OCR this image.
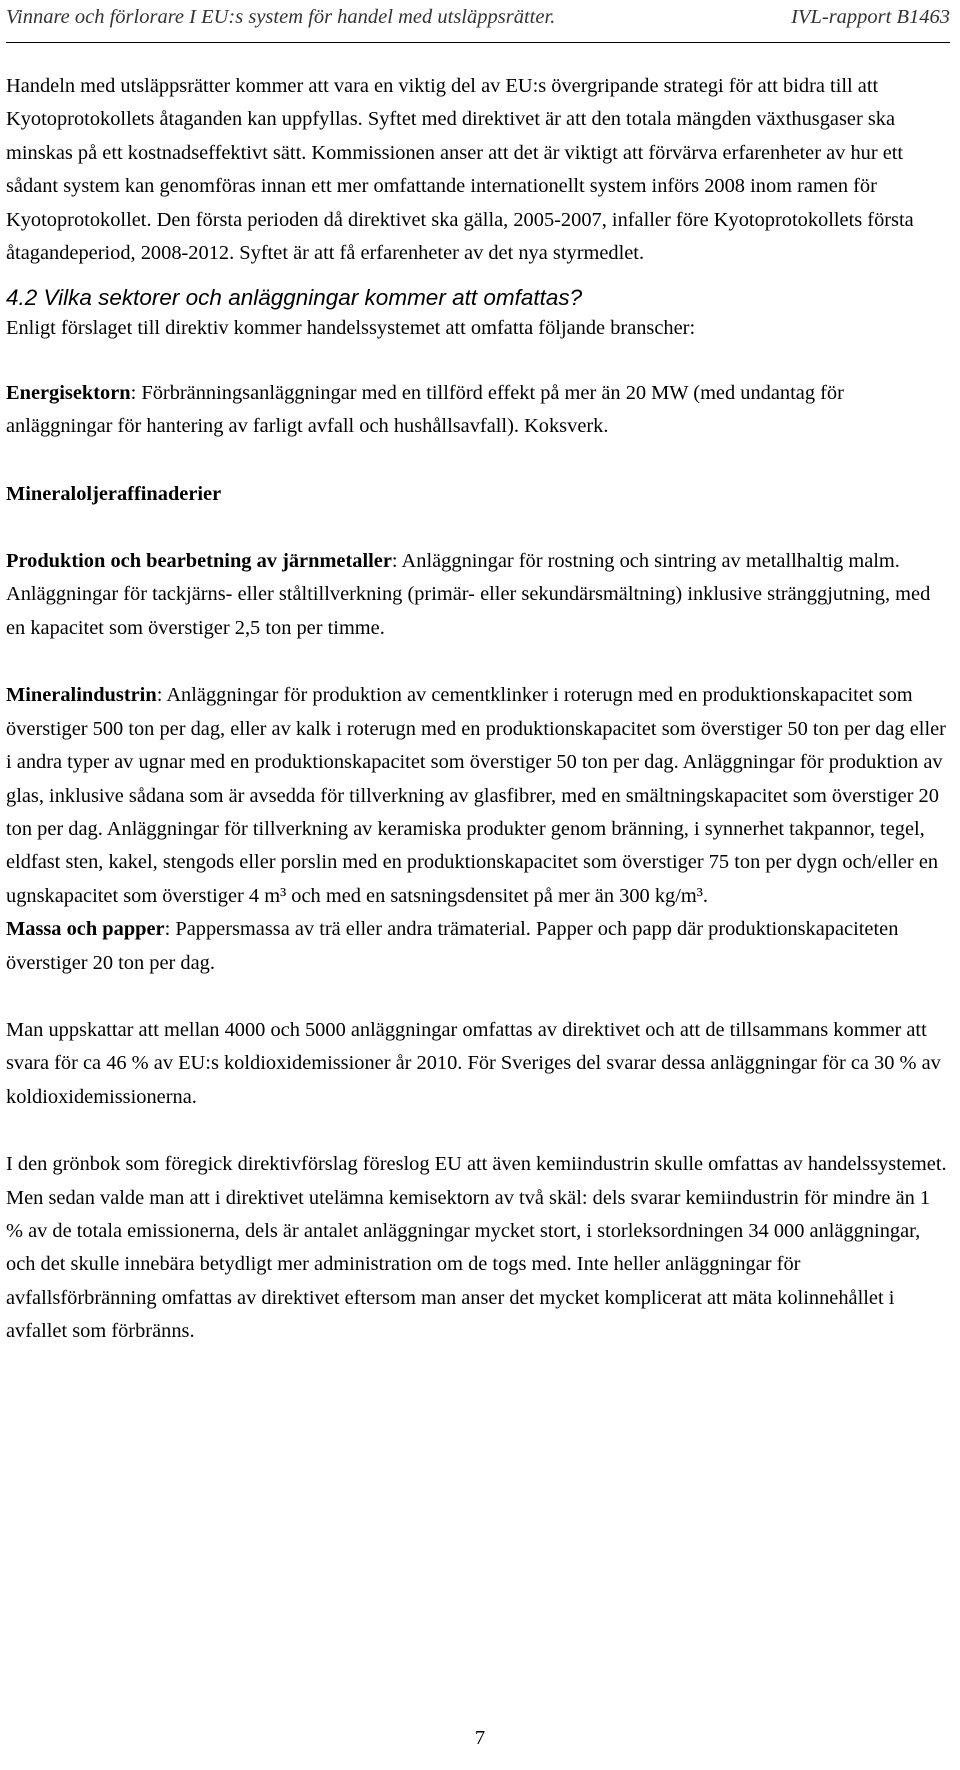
Vinnare och förlorare I EU:s system för handel med utsläppsrätter.	IVL-rapport B1463

Handeln med utsläppsrätter kommer att vara en viktig del av EU:s övergripande strategi för att bidra till att Kyotoprotokollets åtaganden kan uppfyllas. Syftet med direktivet är att den totala mängden växthusgaser ska minskas på ett kostnadseffektivt sätt. Kommissionen anser att det är viktigt att förvärva erfarenheter av hur ett sådant system kan genomföras innan ett mer omfattande internationellt system införs 2008 inom ramen för Kyotoprotokollet. Den första perioden då direktivet ska gälla, 2005-2007, infaller före Kyotoprotokollets första åtagandeperiod, 2008-2012. Syftet är att få erfarenheter av det nya styrmedlet.

4.2 Vilka sektorer och anläggningar kommer att omfattas?

Enligt förslaget till direktiv kommer handelssystemet att omfatta följande branscher:

Energisektorn: Förbränningsanläggningar med en tillförd effekt på mer än 20 MW (med undantag för anläggningar för hantering av farligt avfall och hushållsavfall). Koksverk.

Mineraloljeraffinaderier

Produktion och bearbetning av järnmetaller: Anläggningar för rostning och sintring av metallhaltig malm. Anläggningar för tackjärns- eller ståltillverkning (primär- eller sekundärsmältning) inklusive stränggjutning, med en kapacitet som överstiger 2,5 ton per timme.

Mineralindustrin: Anläggningar för produktion av cementklinker i roterugn med en produktionskapacitet som överstiger 500 ton per dag, eller av kalk i roterugn med en produktionskapacitet som överstiger 50 ton per dag eller i andra typer av ugnar med en produktionskapacitet som överstiger 50 ton per dag. Anläggningar för produktion av glas, inklusive sådana som är avsedda för tillverkning av glasfibrer, med en smältningskapacitet som överstiger 20 ton per dag. Anläggningar för tillverkning av keramiska produkter genom bränning, i synnerhet takpannor, tegel, eldfast sten, kakel, stengods eller porslin med en produktionskapacitet som överstiger 75 ton per dygn och/eller en ugnskapacitet som överstiger 4 m³ och med en satsningsdensitet på mer än 300 kg/m³.

Massa och papper: Pappersmassa av trä eller andra trämaterial. Papper och papp där produktionskapaciteten överstiger 20 ton per dag.

Man uppskattar att mellan 4000 och 5000 anläggningar omfattas av direktivet och att de tillsammans kommer att svara för ca 46 % av EU:s koldioxidemissioner år 2010. För Sveriges del svarar dessa anläggningar för ca 30 % av koldioxidemissionerna.

I den grönbok som föregick direktivförslag föreslog EU att även kemiindustrin skulle omfattas av handelssystemet. Men sedan valde man att i direktivet utelämna kemisektorn av två skäl: dels svarar kemiindustrin för mindre än 1 % av de totala emissionerna, dels är antalet anläggningar mycket stort, i storleksordningen 34 000 anläggningar, och det skulle innebära betydligt mer administration om de togs med. Inte heller anläggningar för avfallsförbränning omfattas av direktivet eftersom man anser det mycket komplicerat att mäta kolinnehållet i avfallet som förbränns.

7
